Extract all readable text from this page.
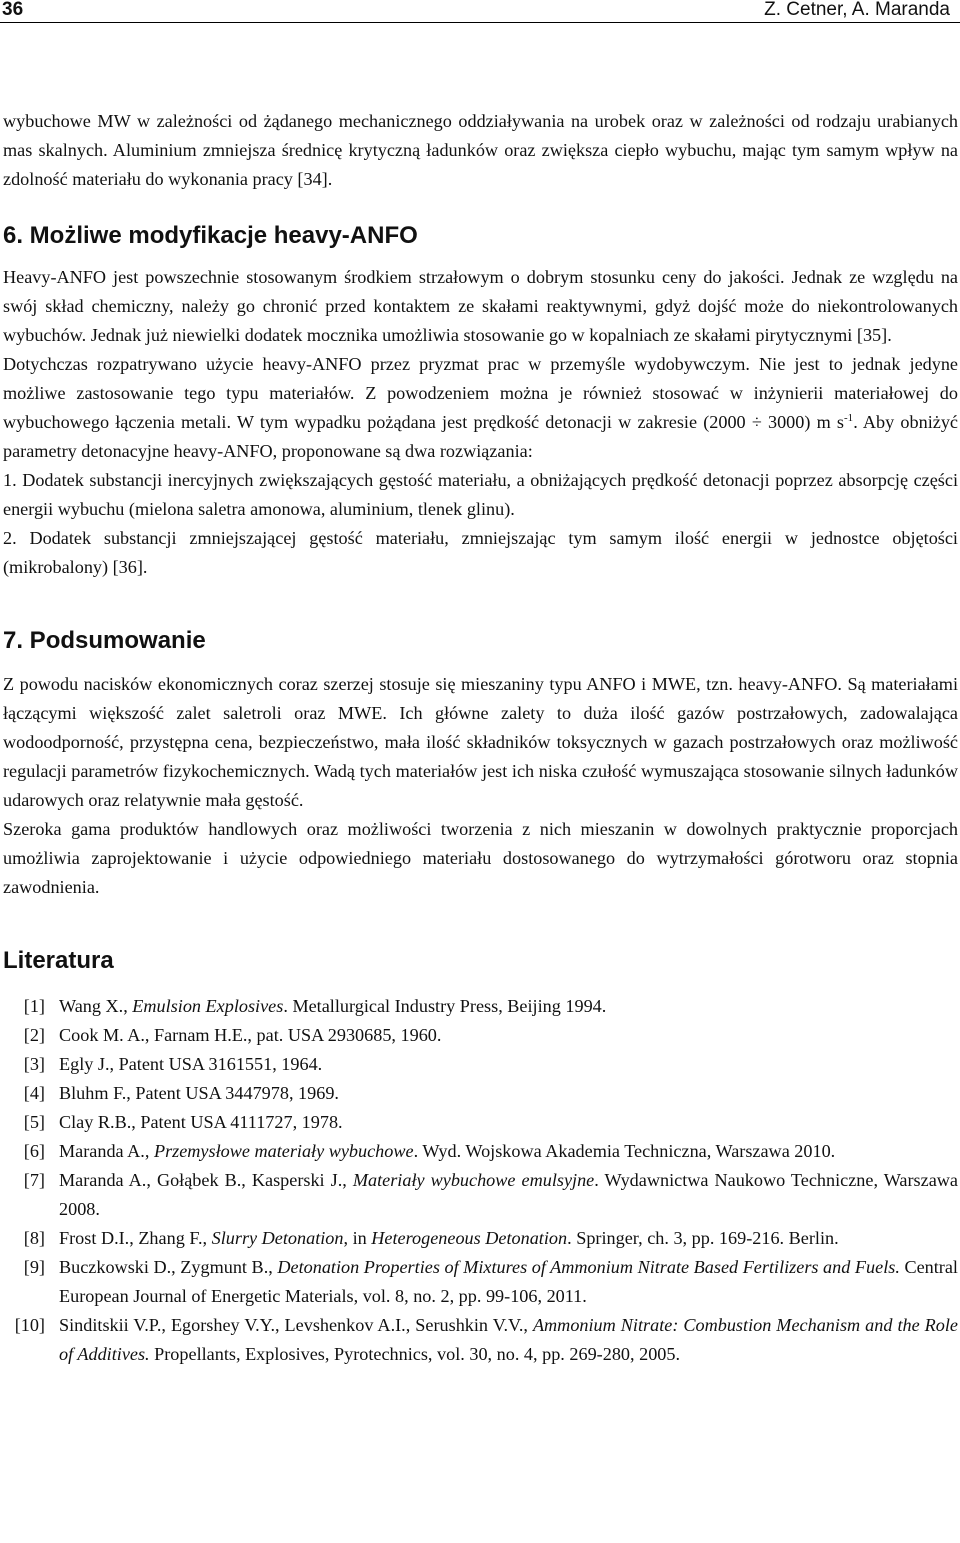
36	Z. Cetner, A. Maranda

wybuchowe MW w zależności od żądanego mechanicznego oddziaływania na urobek oraz w zależności od rodzaju urabianych mas skalnych. Aluminium zmniejsza średnicę krytyczną ładunków oraz zwiększa ciepło wybuchu, mając tym samym wpływ na zdolność materiału do wykonania pracy [34].

6. Możliwe modyfikacje heavy-ANFO

Heavy-ANFO jest powszechnie stosowanym środkiem strzałowym o dobrym stosunku ceny do jakości. Jednak ze względu na swój skład chemiczny, należy go chronić przed kontaktem ze skałami reaktywnymi, gdyż dojść może do niekontrolowanych wybuchów. Jednak już niewielki dodatek mocznika umożliwia stosowanie go w kopalniach ze skałami pirytycznymi [35].

Dotychczas rozpatrywano użycie heavy-ANFO przez pryzmat prac w przemyśle wydobywczym. Nie jest to jednak jedyne możliwe zastosowanie tego typu materiałów. Z powodzeniem można je również stosować w inżynierii materiałowej do wybuchowego łączenia metali. W tym wypadku pożądana jest prędkość detonacji w zakresie (2000 ÷ 3000) m $s^{-1}$. Aby obniżyć parametry detonacyjne heavy-ANFO, proponowane są dwa rozwiązania:

1. Dodatek substancji inercyjnych zwiększających gęstość materiału, a obniżających prędkość detonacji poprzez absorpcję części energii wybuchu (mielona saletra amonowa, aluminium, tlenek glinu).

2. Dodatek substancji zmniejszającej gęstość materiału, zmniejszając tym samym ilość energii w jednostce objętości (mikrobalony) [36].

7. Podsumowanie

Z powodu nacisków ekonomicznych coraz szerzej stosuje się mieszaniny typu ANFO i MWE, tzn. heavy-ANFO. Są materiałami łączącymi większość zalet saletroli oraz MWE. Ich główne zalety to duża ilość gazów postrzałowych, zadowalająca wodoodporność, przystępna cena, bezpieczeństwo, mała ilość składników toksycznych w gazach postrzałowych oraz możliwość regulacji parametrów fizykochemicznych. Wadą tych materiałów jest ich niska czułość wymuszająca stosowanie silnych ładunków udarowych oraz relatywnie mała gęstość.

Szeroka gama produktów handlowych oraz możliwości tworzenia z nich mieszanin w dowolnych praktycznie proporcjach umożliwia zaprojektowanie i użycie odpowiedniego materiału dostosowanego do wytrzymałości górotworu oraz stopnia zawodnienia.

Literatura
[1] Wang X., Emulsion Explosives. Metallurgical Industry Press, Beijing 1994.
[2] Cook M. A., Farnam H.E., pat. USA 2930685, 1960.
[3] Egly J., Patent USA 3161551, 1964.
[4] Bluhm F., Patent USA 3447978, 1969.
[5] Clay R.B., Patent USA 4111727, 1978.
[6] Maranda A., Przemysłowe materiały wybuchowe. Wyd. Wojskowa Akademia Techniczna, Warszawa 2010.
[7] Maranda A., Gołąbek B., Kasperski J., Materiały wybuchowe emulsyjne. Wydawnictwa Naukowo Techniczne, Warszawa 2008.
[8] Frost D.I., Zhang F., Slurry Detonation, in Heterogeneous Detonation. Springer, ch. 3, pp. 169-216. Berlin.
[9] Buczkowski D., Zygmunt B., Detonation Properties of Mixtures of Ammonium Nitrate Based Fertilizers and Fuels. Central European Journal of Energetic Materials, vol. 8, no. 2, pp. 99-106, 2011.
[10] Sinditskii V.P., Egorshey V.Y., Levshenkov A.I., Serushkin V.V., Ammonium Nitrate: Combustion Mechanism and the Role of Additives. Propellants, Explosives, Pyrotechnics, vol. 30, no. 4, pp. 269-280, 2005.
